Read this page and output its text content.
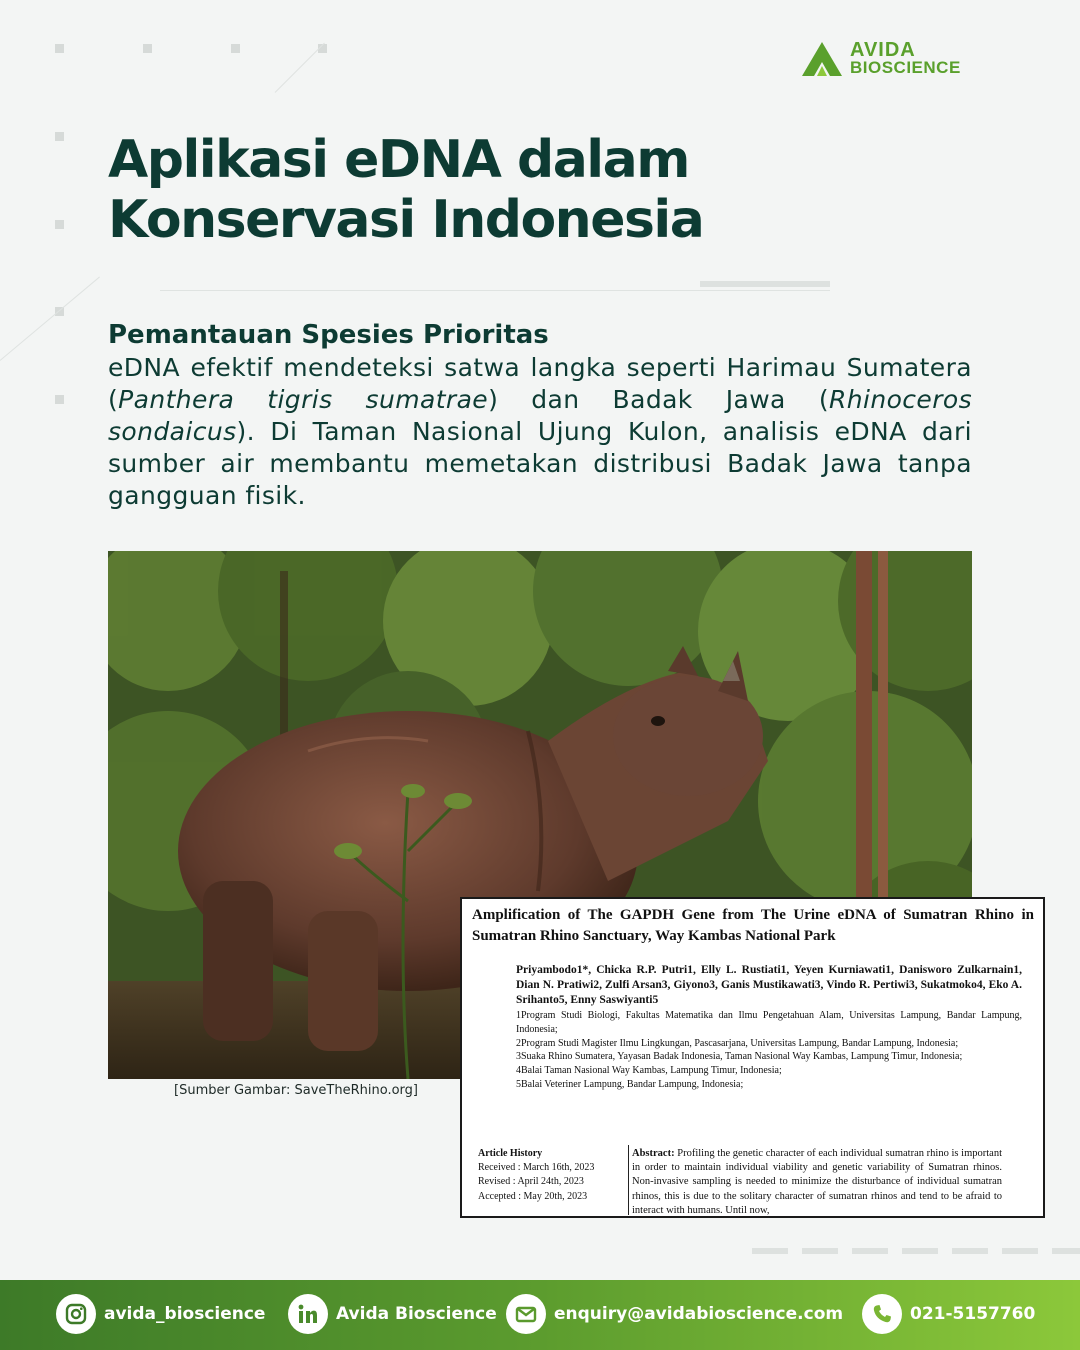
AVIDA
BIOSCIENCE
Aplikasi eDNA dalam
Konservasi Indonesia
Pemantauan Spesies Prioritas

eDNA efektif mendeteksi satwa langka seperti Harimau Sumatera (Panthera tigris sumatrae) dan Badak Jawa (Rhinoceros sondaicus). Di Taman Nasional Ujung Kulon, analisis eDNA dari sumber air membantu memetakan distribusi Badak Jawa tanpa gangguan fisik.

[Sumber Gambar: SaveTheRhino.org]
Amplification of The GAPDH Gene from The Urine eDNA of Sumatran Rhino in Sumatran Rhino Sanctuary, Way Kambas National Park
Priyambodo1*, Chicka R.P. Putri1, Elly L. Rustiati1, Yeyen Kurniawati1, Danisworo Zulkarnain1, Dian N. Pratiwi2, Zulfi Arsan3, Giyono3, Ganis Mustikawati3, Vindo R. Pertiwi3, Sukatmoko4, Eko A. Srihanto5, Enny Saswiyanti5
1Program Studi Biologi, Fakultas Matematika dan Ilmu Pengetahuan Alam, Universitas Lampung, Bandar Lampung, Indonesia;
2Program Studi Magister Ilmu Lingkungan, Pascasarjana, Universitas Lampung, Bandar Lampung, Indonesia;
3Suaka Rhino Sumatera, Yayasan Badak Indonesia, Taman Nasional Way Kambas, Lampung Timur, Indonesia;
4Balai Taman Nasional Way Kambas, Lampung Timur, Indonesia;
5Balai Veteriner Lampung, Bandar Lampung, Indonesia;
Article History
Received : March 16th, 2023
Revised : April 24th, 2023
Accepted : May 20th, 2023
Abstract: Profiling the genetic character of each individual sumatran rhino is important in order to maintain individual viability and genetic variability of Sumatran rhinos. Non-invasive sampling is needed to minimize the disturbance of individual sumatran rhinos, this is due to the solitary character of sumatran rhinos and tend to be afraid to interact with humans. Until now,
avida_bioscience	Avida Bioscience	enquiry@avidabioscience.com	021-5157760
